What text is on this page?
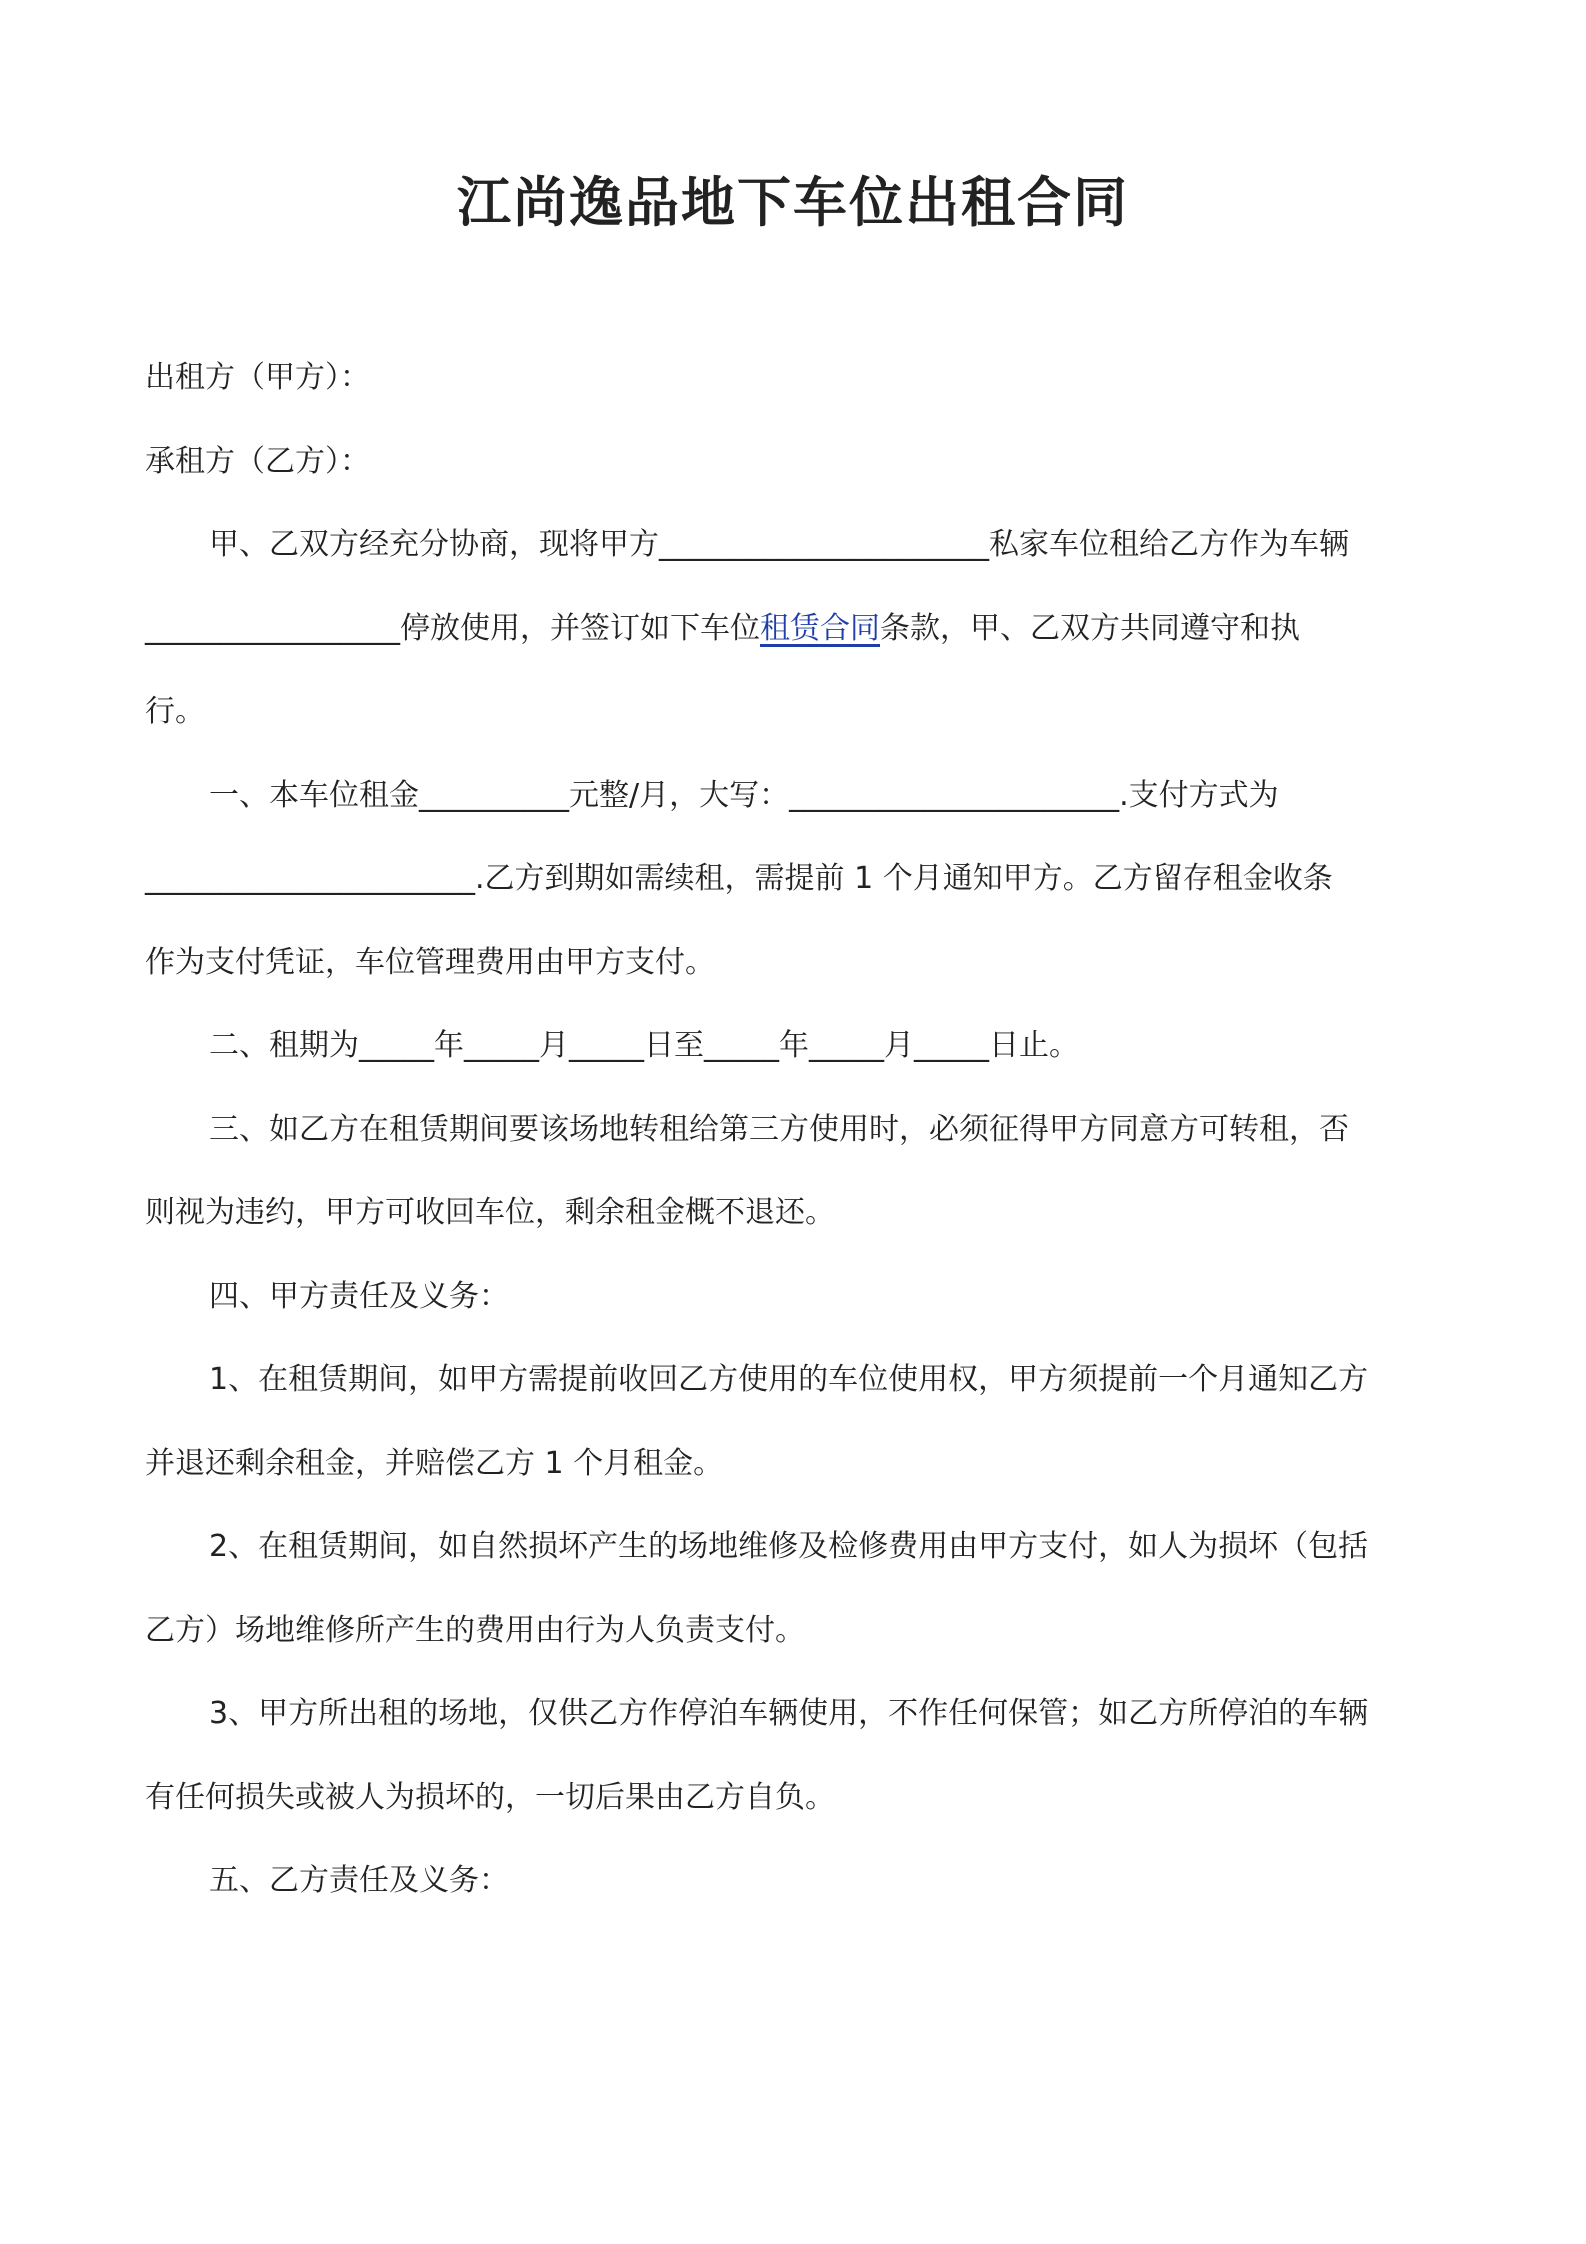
江尚逸品地下车位出租合同

出租方（甲方）：

承租方（乙方）：

甲、乙双方经充分协商，现将甲方______________________私家车位租给乙方作为车辆

_________________停放使用，并签订如下车位租赁合同条款，甲、乙双方共同遵守和执

行。

一、本车位租金__________元整/月，大写：______________________.支付方式为

______________________.乙方到期如需续租，需提前 1 个月通知甲方。乙方留存租金收条

作为支付凭证，车位管理费用由甲方支付。

二、租期为_____年_____月_____日至_____年_____月_____日止。

三、如乙方在租赁期间要该场地转租给第三方使用时，必须征得甲方同意方可转租，否

则视为违约，甲方可收回车位，剩余租金概不退还。

四、甲方责任及义务：

1、在租赁期间，如甲方需提前收回乙方使用的车位使用权，甲方须提前一个月通知乙方

并退还剩余租金，并赔偿乙方 1 个月租金。

2、在租赁期间，如自然损坏产生的场地维修及检修费用由甲方支付，如人为损坏（包括

乙方）场地维修所产生的费用由行为人负责支付。

3、甲方所出租的场地，仅供乙方作停泊车辆使用，不作任何保管；如乙方所停泊的车辆

有任何损失或被人为损坏的，一切后果由乙方自负。

五、乙方责任及义务：
